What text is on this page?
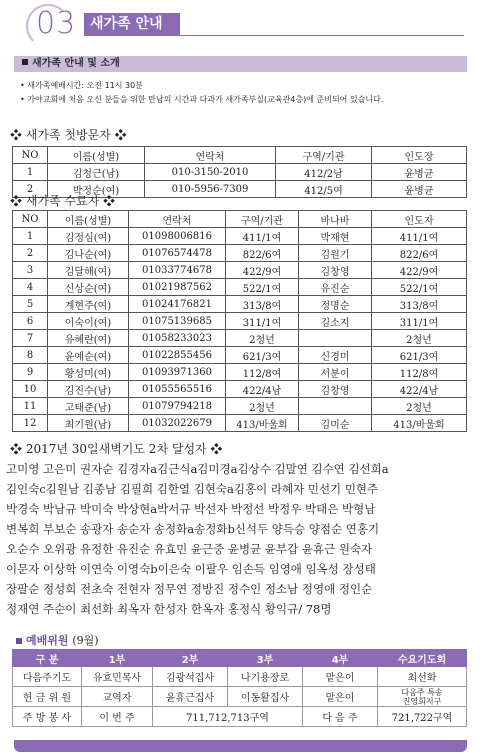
03 새가족 안내
새가족 안내 및 소개
• 새가족예배시간: 오전 11시 30분
• 가야교회에 처음 오신 분들을 위한 만남의 시간과 다과가 새가족부실(교육관4층)에 준비되어 있습니다.
❖ 새가족 첫방문자 ❖
NO	이름(성별)	연락처	구역/기관	인도장
1	김청근(남)	010-3150-2010	412/2남	윤병균
2	박정순(여)	010-5956-7309	412/5여	윤병균
❖ 새가족 수료자 ❖
NO	이름(성별)	연락처	구역/기관	바나바	인도자
1	김정심(여)	01098006816	411/1여	박재현	411/1여
2	김나순(여)	01076574478	822/6여	김원기	822/6여
3	김달해(여)	01033774678	422/9여	김창영	422/9여
4	신상순(여)	01021987562	522/1여	유진순	522/1여
5	계현주(여)	01024176821	313/8여	정명순	313/8여
6	이숙이(여)	01075139685	311/1여	김소지	311/1여
7	유혜란(여)	01058233023	2청년		2청년
8	윤예순(여)	01022855456	621/3여	신경미	621/3여
9	황성미(여)	01093971360	112/8여	서분이	112/8여
10	김진수(남)	01055565516	422/4남	김창영	422/4남
11	고태준(남)	01079794218	2청년		2청년
12	최기원(남)	01032022679	413/바울회	김미순	413/바울회
❖ 2017년 30일새벽기도 2차 달성자 ❖

고미영 고은미 권자순 김경자a김근식a김미경a김상수 김말연 김수연 김선희a

김인숙c김원남 김종남 김필희 김한열 김현숙a김홍이 라혜자 민선기 민현주

박경숙 박남규 박미숙 박상현a박서규 박선자 박정선 박정우 박태은 박형남

변복희 부보순 송광자 송순자 송정화a송정화b신석두 양득승 양점순 연홍기

오순수 오위광 유정한 유진순 유효민 윤근중 윤병균 윤부갑 윤휴근 원숙자

이문자 이상학 이연숙 이영숙b이은숙 이팔우 임손득 임영애 임옥성 장성태

장팔순 정성희 전초숙 전현자 정무연 정방진 정수인 정소남 정영애 정인순

정재연 주순이 최선화 최옥자 한성자 한옥자 홍정식 황익규/ 78명

예배위원 (9월)
구 분	1부	2부	3부	4부	수요기도회
다음주기도	유효민목사	김광석집사	나기용장로	맡은이	최선화
헌 금 위 원	교역자	윤휴근집사	이동활집사	맡은이	다음주 특송
진영회지구
주 방 봉 사	이 번 주	711,712,713구역		다 음 주	721,722구역
